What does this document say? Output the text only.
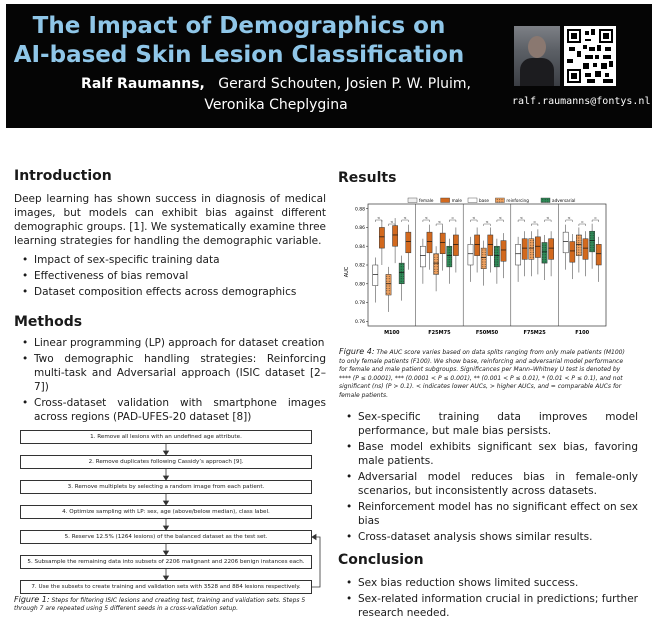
The Impact of Demographics on
AI-based Skin Lesion Classification
Ralf Raumanns, Gerard Schouten, Josien P. W. Pluim,
Veronika Cheplygina	ralf.raumanns@fontys.nl
Introduction
Deep learning has shown success in diagnosis of medical images, but models can exhibit bias against different demographic groups. [1]. We systematically examine three learning strategies for handling the demographic variable.
• Impact of sex-specific training data
• Effectiveness of bias removal
• Dataset composition effects across demographics
Methods
• Linear programming (LP) approach for dataset creation
• Two demographic handling strategies: Reinforcing multi-task and Adversarial approach (ISIC dataset [2–7])
• Cross-dataset validation with smartphone images across regions (PAD-UFES-20 dataset [8])
1. Remove all lesions with an undefined age attribute.
2. Remove duplicates following Cassidy’s approach [9].
3. Remove multiplets by selecting a random image from each patient.
4. Optimize sampling with LP: sex, age (above/below median), class label.
5. Reserve 12.5% (1264 lesions) of the balanced dataset as the test set.
5. Subsample the remaining data into subsets of 2206 malignant and 2206 benign instances each.
7. Use the subsets to create training and validation sets with 3528 and 884 lesions respectively.
Figure 1: Steps for filtering ISIC lesions and creating test, training and validation sets. Steps 5 through 7 are repeated using 5 different seeds in a cross-validation setup.
Results
AUC
0.76
0.78
0.80
0.82
0.84
0.86
0.88
female	male	base	reinforcing	adversarial
M100
<
<
<
F25M75
<
<
=
F50M50
<
<
<
F75M25
<
=
<
F100
<
=
=
Figure 4: The AUC score varies based on data splits ranging from only male patients (M100) to only female patients (F100). We show base, reinforcing and adversarial model performance for female and male patient subgroups. Significances per Mann–Whitney U test is denoted by **** (P ≤ 0.0001), *** (0.0001 < P ≤ 0.001), ** (0.001 < P ≤ 0.01), * (0.01 < P ≤ 0.1), and not significant (ns) (P > 0.1). < indicates lower AUCs, > higher AUCs, and = comparable AUCs for female patients.
• Sex-specific training data improves model performance, but male bias persists.
• Base model exhibits significant sex bias, favoring male patients.
• Adversarial model reduces bias in female-only scenarios, but inconsistently across datasets.
• Reinforcement model has no significant effect on sex bias
• Cross-dataset analysis shows similar results.
Conclusion
• Sex bias reduction shows limited success.
• Sex-related information crucial in predictions; further research needed.
